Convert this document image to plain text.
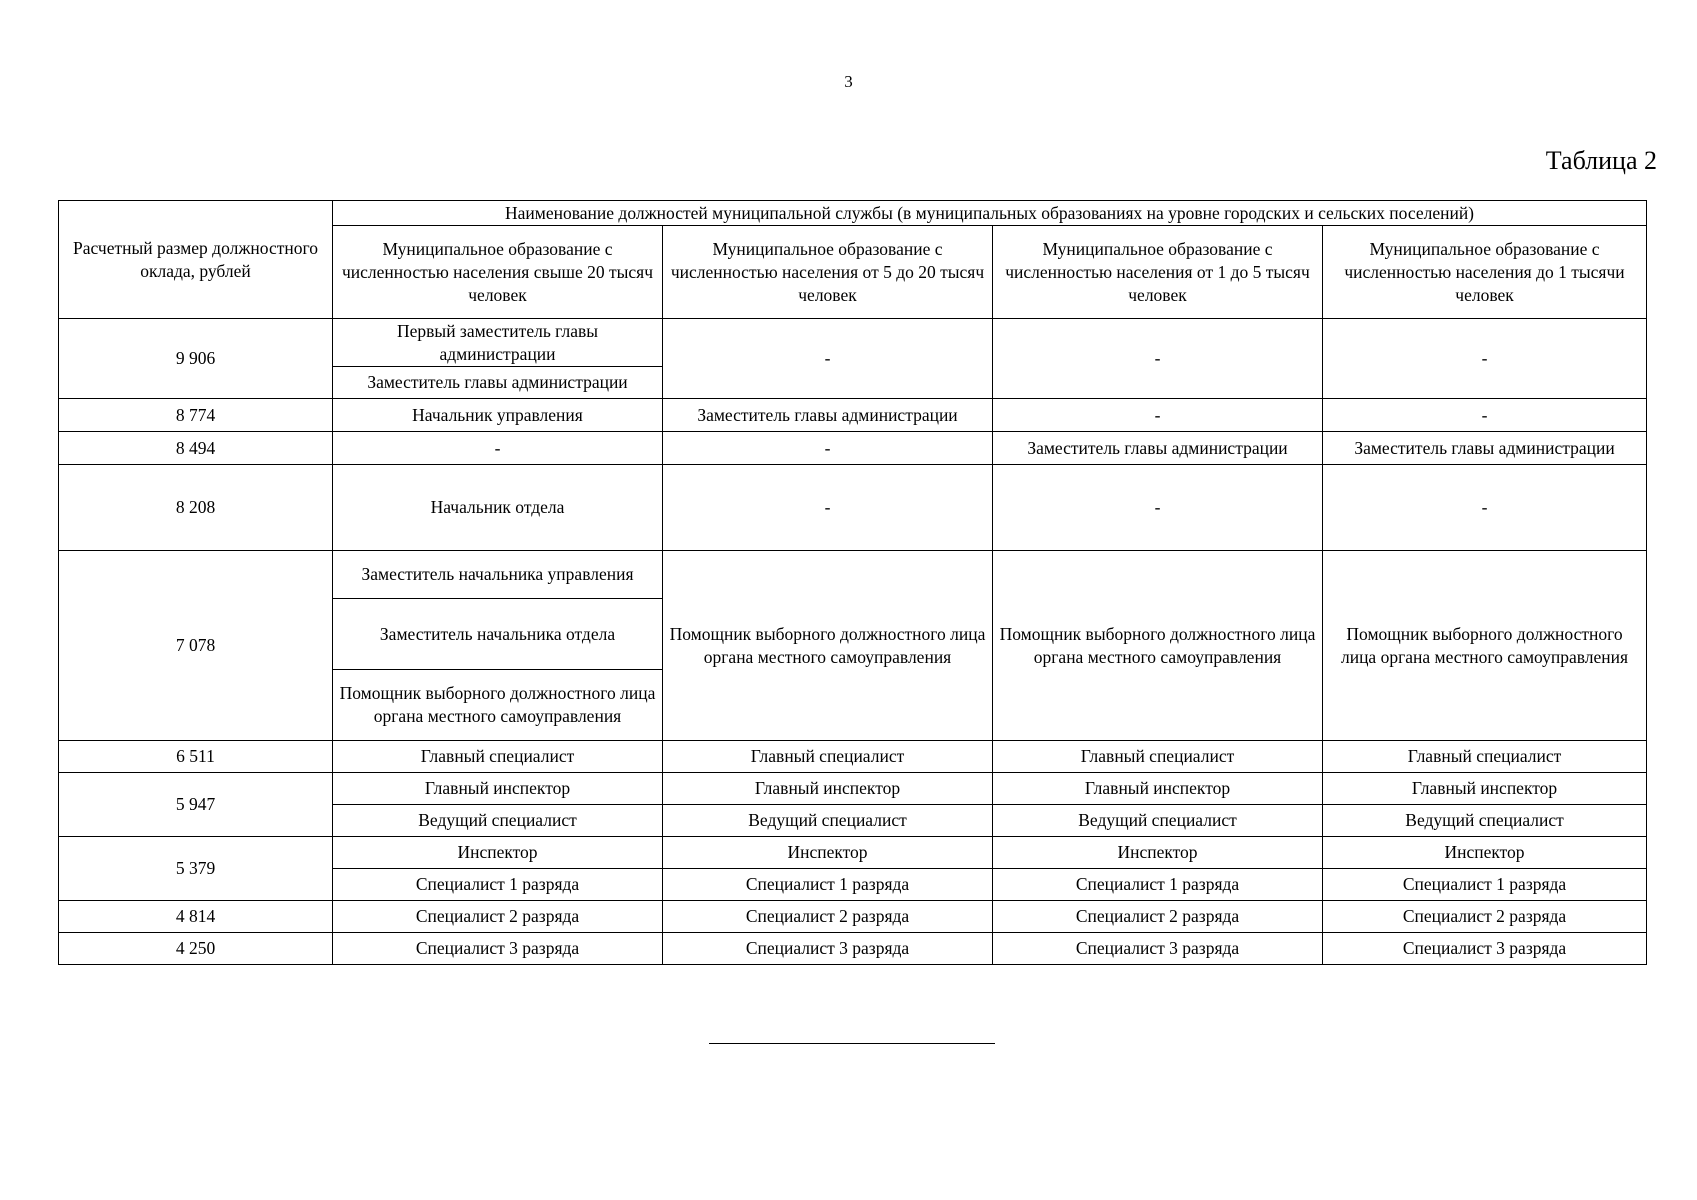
3
Таблица 2
Расчетный размер должностного оклада, рублей	Наименование должностей муниципальной службы (в муниципальных образованиях на уровне городских и сельских поселений)			
	Муниципальное образование с численностью населения свыше 20 тысяч человек	Муниципальное образование с численностью населения от 5 до 20 тысяч человек	Муниципальное образование с численностью населения от 1 до 5 тысяч человек	Муниципальное образование с численностью населения до 1 тысячи человек
9 906	Первый заместитель главы администрации	-	-	-
	Заместитель главы администрации			
8 774	Начальник управления	Заместитель главы администрации	-	-
8 494	-	-	Заместитель главы администрации	Заместитель главы администрации
8 208	Начальник отдела	-	-	-
7 078	Заместитель начальника управления	Помощник выборного должностного лица органа местного самоуправления	Помощник выборного должностного лица органа местного самоуправления	Помощник выборного должностного лица органа местного самоуправления
	Заместитель начальника отдела			
	Помощник выборного должностного лица органа местного самоуправления			
6 511	Главный специалист	Главный специалист	Главный специалист	Главный специалист
5 947	Главный инспектор	Главный инспектор	Главный инспектор	Главный инспектор
	Ведущий специалист	Ведущий специалист	Ведущий специалист	Ведущий специалист
5 379	Инспектор	Инспектор	Инспектор	Инспектор
	Специалист 1 разряда	Специалист 1 разряда	Специалист 1 разряда	Специалист 1 разряда
4 814	Специалист 2 разряда	Специалист 2 разряда	Специалист 2 разряда	Специалист 2 разряда
4 250	Специалист 3 разряда	Специалист 3 разряда	Специалист 3 разряда	Специалист 3 разряда
